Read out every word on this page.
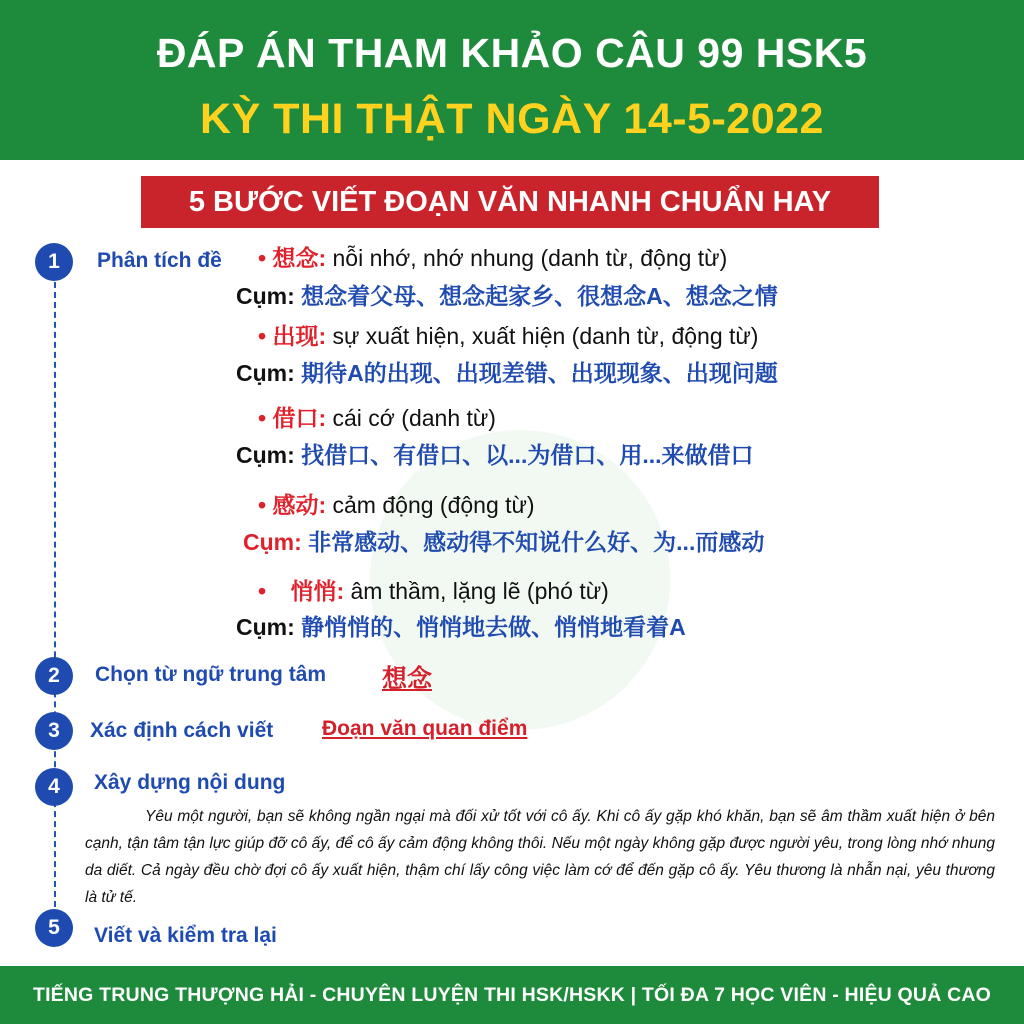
ĐÁP ÁN THAM KHẢO CÂU 99 HSK5
KỲ THI THẬT NGÀY 14-5-2022
5 BƯỚC VIẾT ĐOẠN VĂN NHANH CHUẨN HAY
1	Phân tích đề • 想念: nỗi nhớ, nhớ nhung (danh từ, động từ)
Cụm: 想念着父母、想念起家乡、很想念A、想念之情
• 出现: sự xuất hiện, xuất hiện (danh từ, động từ)
Cụm: 期待A的出现、出现差错、出现现象、出现问题
• 借口: cái cớ (danh từ)
Cụm: 找借口、有借口、以...为借口、用...来做借口
• 感动: cảm động (động từ)
Cụm: 非常感动、感动得不知说什么好、为...而感动
• 悄悄: âm thầm, lặng lẽ (phó từ)
Cụm: 静悄悄的、悄悄地去做、悄悄地看着A
2	Chọn từ ngữ trung tâm 想念
3	Xác định cách viết Đoạn văn quan điểm
4	Xây dựng nội dung
Yêu một người, bạn sẽ không ngần ngại mà đối xử tốt với cô ấy. Khi cô ấy gặp khó khăn, bạn sẽ âm thầm xuất hiện ở bên cạnh, tận tâm tận lực giúp đỡ cô ấy, để cô ấy cảm động không thôi. Nếu một ngày không gặp được người yêu, trong lòng nhớ nhung da diết. Cả ngày đều chờ đợi cô ấy xuất hiện, thậm chí lấy công việc làm cớ để đến gặp cô ấy. Yêu thương là nhẫn nại, yêu thương là tử tế.
5	Viết và kiểm tra lại
TIẾNG TRUNG THƯỢNG HẢI - CHUYÊN LUYỆN THI HSK/HSKK | TỐI ĐA 7 HỌC VIÊN - HIỆU QUẢ CAO
